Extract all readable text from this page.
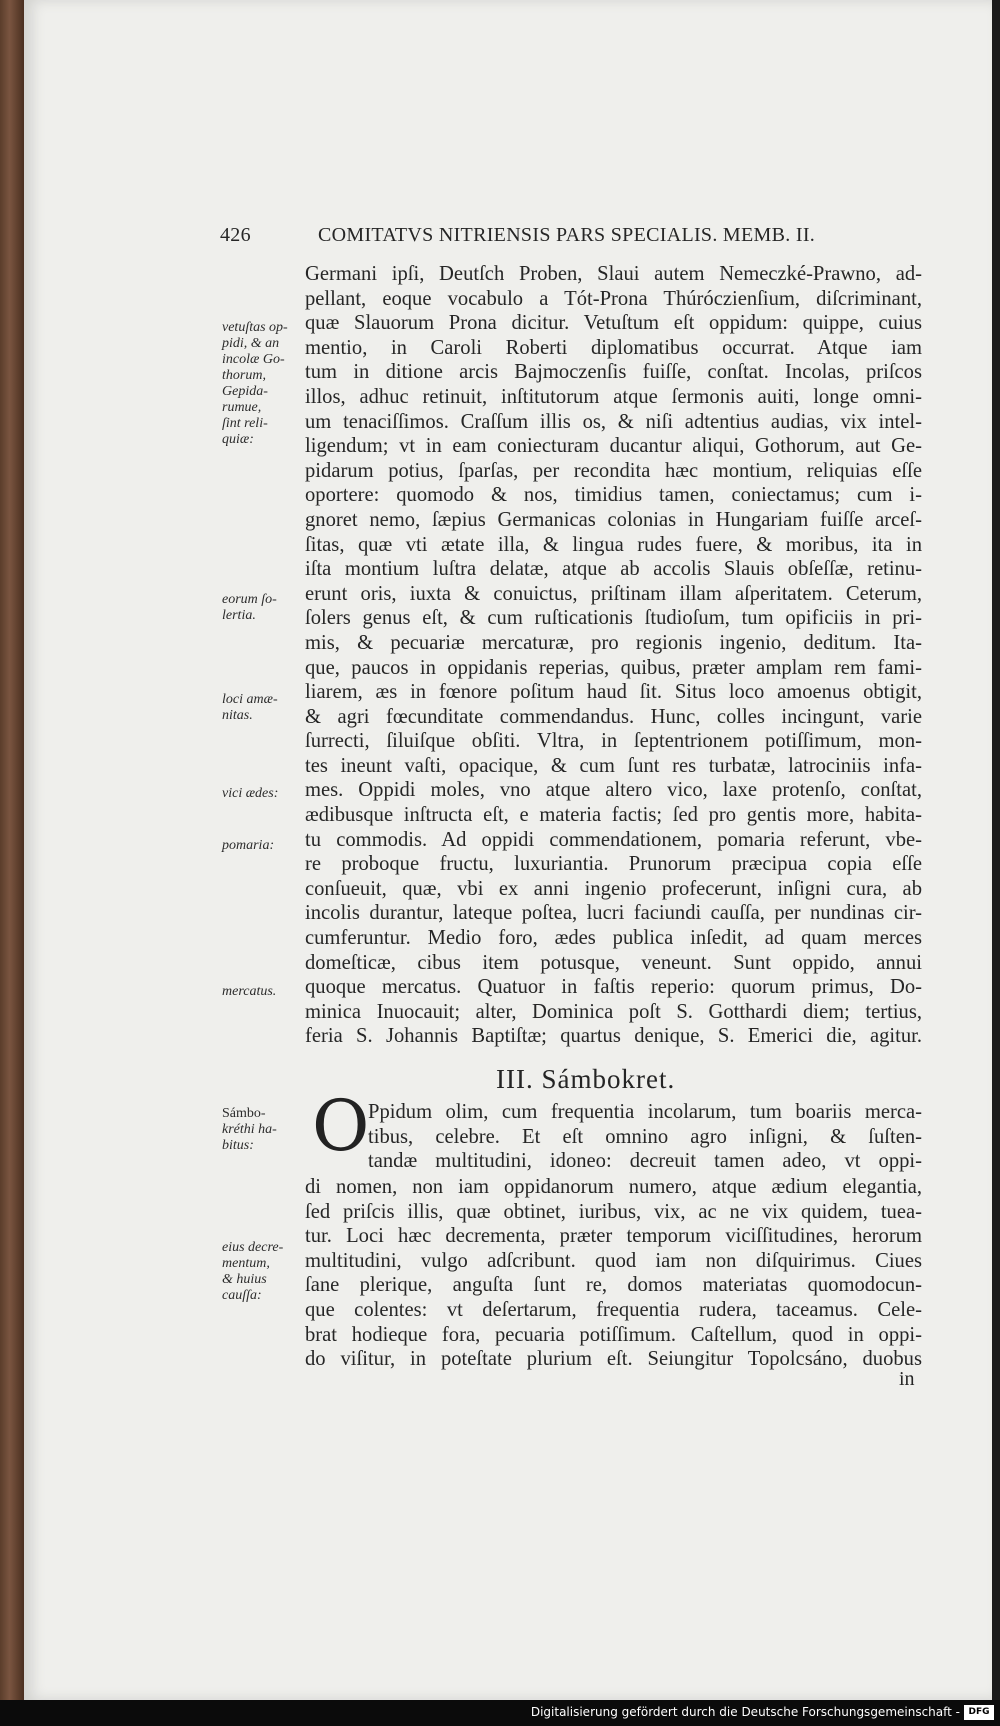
426	COMITATVS NITRIENSIS PARS SPECIALIS. MEMB. II.
Germani ipſi, Deutſch Proben, Slaui autem Nemeczké-Prawno, ad-
pellant, eoque vocabulo a Tót-Prona Thúróczienſium, diſcriminant,
quæ Slauorum Prona dicitur. Vetuſtum eſt oppidum: quippe, cuius
mentio, in Caroli Roberti diplomatibus occurrat. Atque iam
tum in ditione arcis Bajmoczenſis fuiſſe, conſtat. Incolas, priſcos
illos, adhuc retinuit, inſtitutorum atque ſermonis auiti, longe omni-
um tenaciſſimos. Craſſum illis os, & niſi adtentius audias, vix intel-
ligendum; vt in eam coniecturam ducantur aliqui, Gothorum, aut Ge-
pidarum potius, ſparſas, per recondita hæc montium, reliquias eſſe
oportere: quomodo & nos, timidius tamen, coniectamus; cum i-
gnoret nemo, ſæpius Germanicas colonias in Hungariam fuiſſe arceſ-
ſitas, quæ vti ætate illa, & lingua rudes fuere, & moribus, ita in
iſta montium luſtra delatæ, atque ab accolis Slauis obſeſſæ, retinu-
erunt oris, iuxta & conuictus, priſtinam illam aſperitatem. Ceterum,
ſolers genus eſt, & cum ruſticationis ſtudioſum, tum opificiis in pri-
mis, & pecuariæ mercaturæ, pro regionis ingenio, deditum. Ita-
que, paucos in oppidanis reperias, quibus, præter amplam rem fami-
liarem, æs in fœnore poſitum haud ſit. Situs loco amoenus obtigit,
& agri fœcunditate commendandus. Hunc, colles incingunt, varie
ſurrecti, ſiluiſque obſiti. Vltra, in ſeptentrionem potiſſimum, mon-
tes ineunt vaſti, opacique, & cum ſunt res turbatæ, latrociniis infa-
mes. Oppidi moles, vno atque altero vico, laxe protenſo, conſtat,
ædibusque inſtructa eſt, e materia factis; ſed pro gentis more, habita-
tu commodis. Ad oppidi commendationem, pomaria referunt, vbe-
re proboque fructu, luxuriantia. Prunorum præcipua copia eſſe
conſueuit, quæ, vbi ex anni ingenio profecerunt, inſigni cura, ab
incolis durantur, lateque poſtea, lucri faciundi cauſſa, per nundinas cir-
cumferuntur. Medio foro, ædes publica inſedit, ad quam merces
domeſticæ, cibus item potusque, veneunt. Sunt oppido, annui
quoque mercatus. Quatuor in faſtis reperio: quorum primus, Do-
minica Inuocauit; alter, Dominica poſt S. Gotthardi diem; tertius,
feria S. Johannis Baptiſtæ; quartus denique, S. Emerici die, agitur.
vetuſtas op-
pidi, & an
incolæ Go-
thorum,
Gepida-
rumue,
ſint reli-
quiæ:
eorum ſo-
lertia.
loci amæ-
nitas.
vici ædes:
pomaria:
mercatus.
III. Sámbokret.
O
Ppidum olim, cum frequentia incolarum, tum boariis merca-
tibus, celebre. Et eſt omnino agro inſigni, & ſuſten-
tandæ multitudini, idoneo: decreuit tamen adeo, vt oppi-
di nomen, non iam oppidanorum numero, atque ædium elegantia,
ſed priſcis illis, quæ obtinet, iuribus, vix, ac ne vix quidem, tuea-
tur. Loci hæc decrementa, præter temporum viciſſitudines, herorum
multitudini, vulgo adſcribunt. quod iam non diſquirimus. Ciues
ſane plerique, anguſta ſunt re, domos materiatas quomodocun-
que colentes: vt deſertarum, frequentia rudera, taceamus. Cele-
brat hodieque fora, pecuaria potiſſimum. Caſtellum, quod in oppi-
do viſitur, in poteſtate plurium eſt. Seiungitur Topolcsáno, duobus
in
Sámbo-
kréthi ha-
bitus:
eius decre-
mentum,
& huius
cauſſa:
Digitalisierung gefördert durch die Deutsche Forschungsgemeinschaft - DFG
